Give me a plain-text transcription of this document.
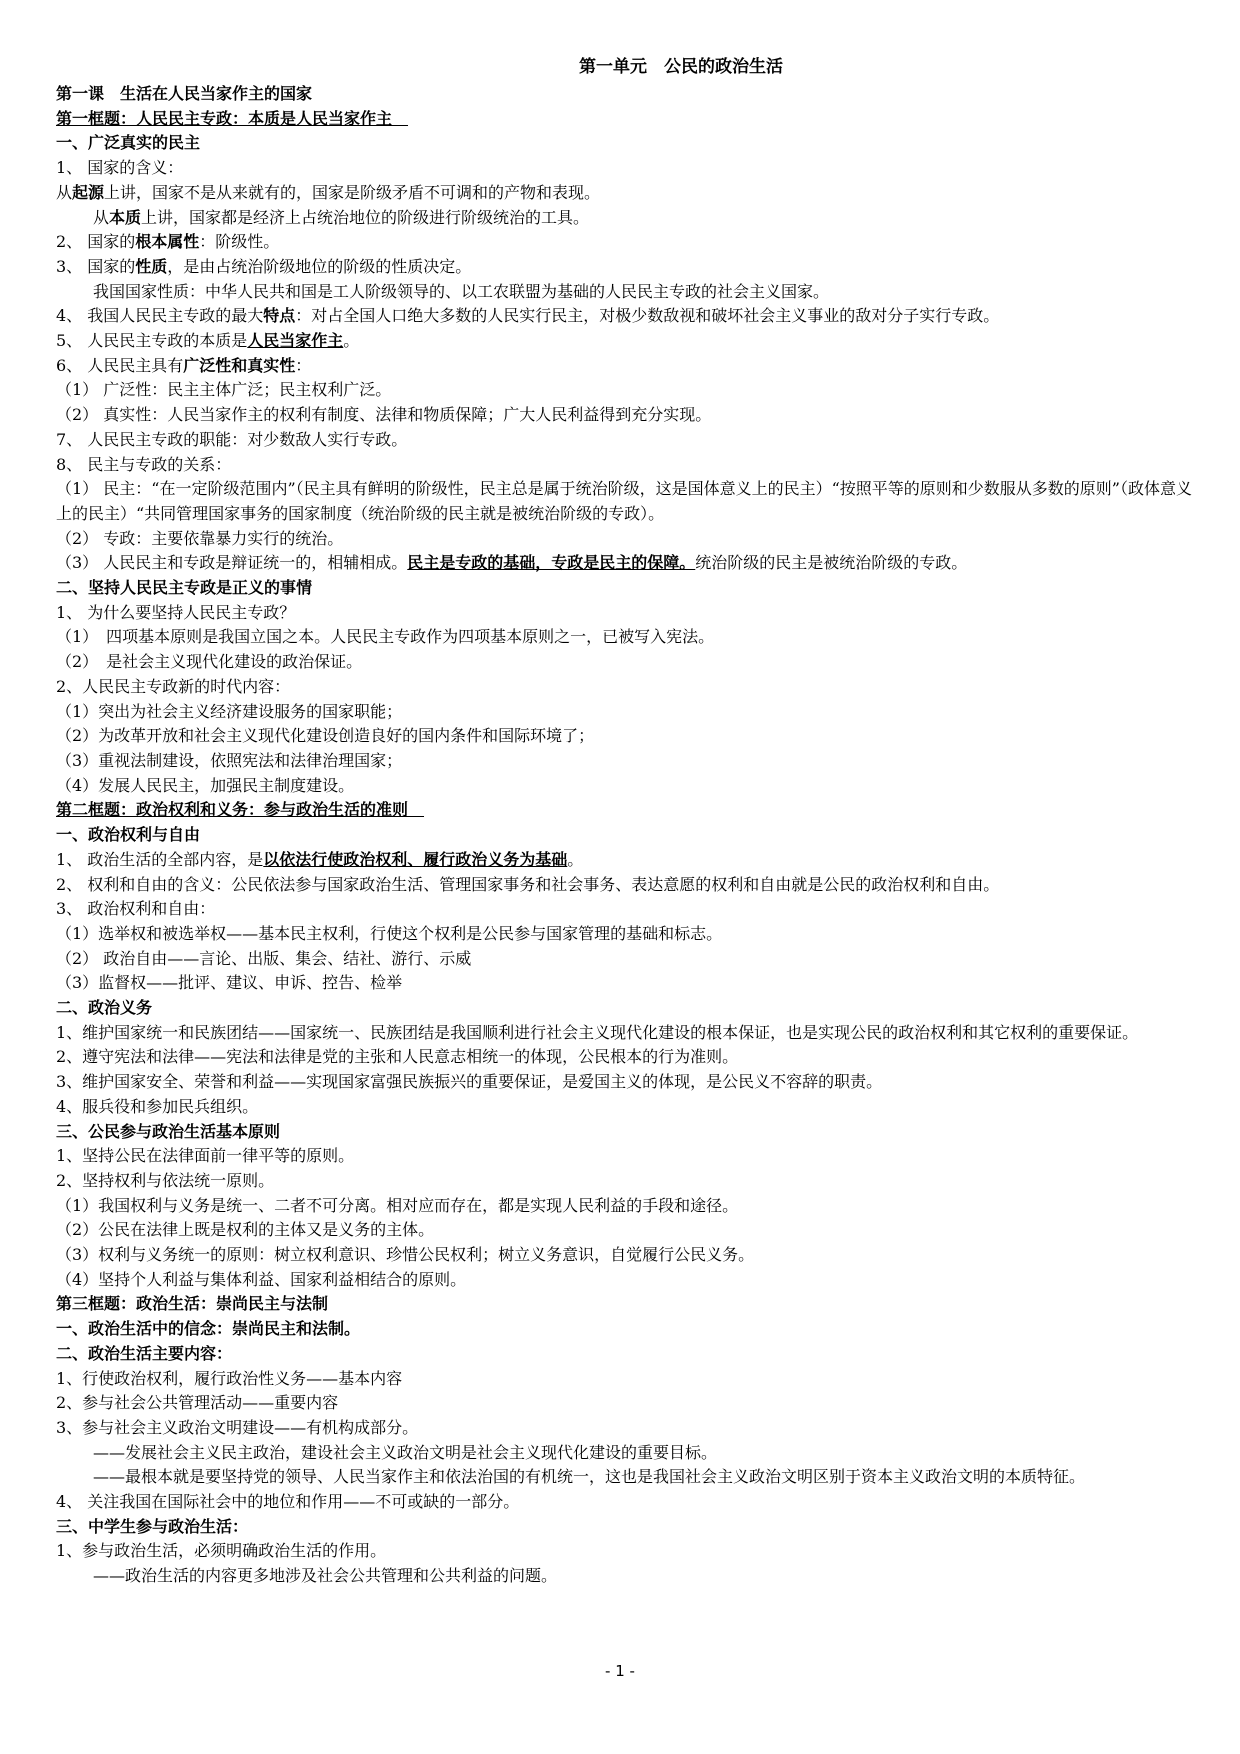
第一单元　公民的政治生活
第一课　生活在人民当家作主的国家
第一框题：人民民主专政：本质是人民当家作主　
一、广泛真实的民主
1、 国家的含义：
从起源上讲，国家不是从来就有的，国家是阶级矛盾不可调和的产物和表现。
从本质上讲，国家都是经济上占统治地位的阶级进行阶级统治的工具。
2、 国家的根本属性：阶级性。
3、 国家的性质，是由占统治阶级地位的阶级的性质决定。
我国国家性质：中华人民共和国是工人阶级领导的、以工农联盟为基础的人民民主专政的社会主义国家。
4、 我国人民民主专政的最大特点：对占全国人口绝大多数的人民实行民主，对极少数敌视和破坏社会主义事业的敌对分子实行专政。
5、 人民民主专政的本质是人民当家作主。
6、 人民民主具有广泛性和真实性：
（1） 广泛性：民主主体广泛；民主权利广泛。
（2） 真实性：人民当家作主的权利有制度、法律和物质保障；广大人民利益得到充分实现。
7、 人民民主专政的职能：对少数敌人实行专政。
8、 民主与专政的关系：
（1） 民主：“在一定阶级范围内”（民主具有鲜明的阶级性，民主总是属于统治阶级，这是国体意义上的民主）“按照平等的原则和少数服从多数的原则”（政体意义上的民主）“共同管理国家事务的国家制度（统治阶级的民主就是被统治阶级的专政）。
（2） 专政：主要依靠暴力实行的统治。
（3） 人民民主和专政是辩证统一的，相辅相成。民主是专政的基础，专政是民主的保障。统治阶级的民主是被统治阶级的专政。
二、坚持人民民主专政是正义的事情
1、 为什么要坚持人民民主专政？
（1）　四项基本原则是我国立国之本。人民民主专政作为四项基本原则之一，已被写入宪法。
（2）　是社会主义现代化建设的政治保证。
2、人民民主专政新的时代内容：
（1）突出为社会主义经济建设服务的国家职能；
（2）为改革开放和社会主义现代化建设创造良好的国内条件和国际环境了；
（3）重视法制建设，依照宪法和法律治理国家；
（4）发展人民民主，加强民主制度建设。
第二框题：政治权利和义务：参与政治生活的准则　
一、政治权利与自由
1、 政治生活的全部内容，是以依法行使政治权利、履行政治义务为基础。
2、 权利和自由的含义：公民依法参与国家政治生活、管理国家事务和社会事务、表达意愿的权利和自由就是公民的政治权利和自由。
3、 政治权利和自由：
（1）选举权和被选举权——基本民主权利，行使这个权利是公民参与国家管理的基础和标志。
（2） 政治自由——言论、出版、集会、结社、游行、示威
（3）监督权——批评、建议、申诉、控告、检举
二、政治义务
1、维护国家统一和民族团结——国家统一、民族团结是我国顺利进行社会主义现代化建设的根本保证，也是实现公民的政治权利和其它权利的重要保证。
2、遵守宪法和法律——宪法和法律是党的主张和人民意志相统一的体现，公民根本的行为准则。
3、维护国家安全、荣誉和利益——实现国家富强民族振兴的重要保证，是爱国主义的体现，是公民义不容辞的职责。
4、服兵役和参加民兵组织。
三、公民参与政治生活基本原则
1、坚持公民在法律面前一律平等的原则。
2、坚持权利与依法统一原则。
（1）我国权利与义务是统一、二者不可分离。相对应而存在，都是实现人民利益的手段和途径。
（2）公民在法律上既是权利的主体又是义务的主体。
（3）权利与义务统一的原则：树立权利意识、珍惜公民权利；树立义务意识，自觉履行公民义务。
（4）坚持个人利益与集体利益、国家利益相结合的原则。
第三框题：政治生活：崇尚民主与法制
一、政治生活中的信念：崇尚民主和法制。
二、政治生活主要内容：
1、行使政治权利，履行政治性义务——基本内容
2、参与社会公共管理活动——重要内容
3、参与社会主义政治文明建设——有机构成部分。
——发展社会主义民主政治，建设社会主义政治文明是社会主义现代化建设的重要目标。
——最根本就是要坚持党的领导、人民当家作主和依法治国的有机统一，这也是我国社会主义政治文明区别于资本主义政治文明的本质特征。
4、 关注我国在国际社会中的地位和作用——不可或缺的一部分。
三、中学生参与政治生活：
1、参与政治生活，必须明确政治生活的作用。
——政治生活的内容更多地涉及社会公共管理和公共利益的问题。
- 1 -
